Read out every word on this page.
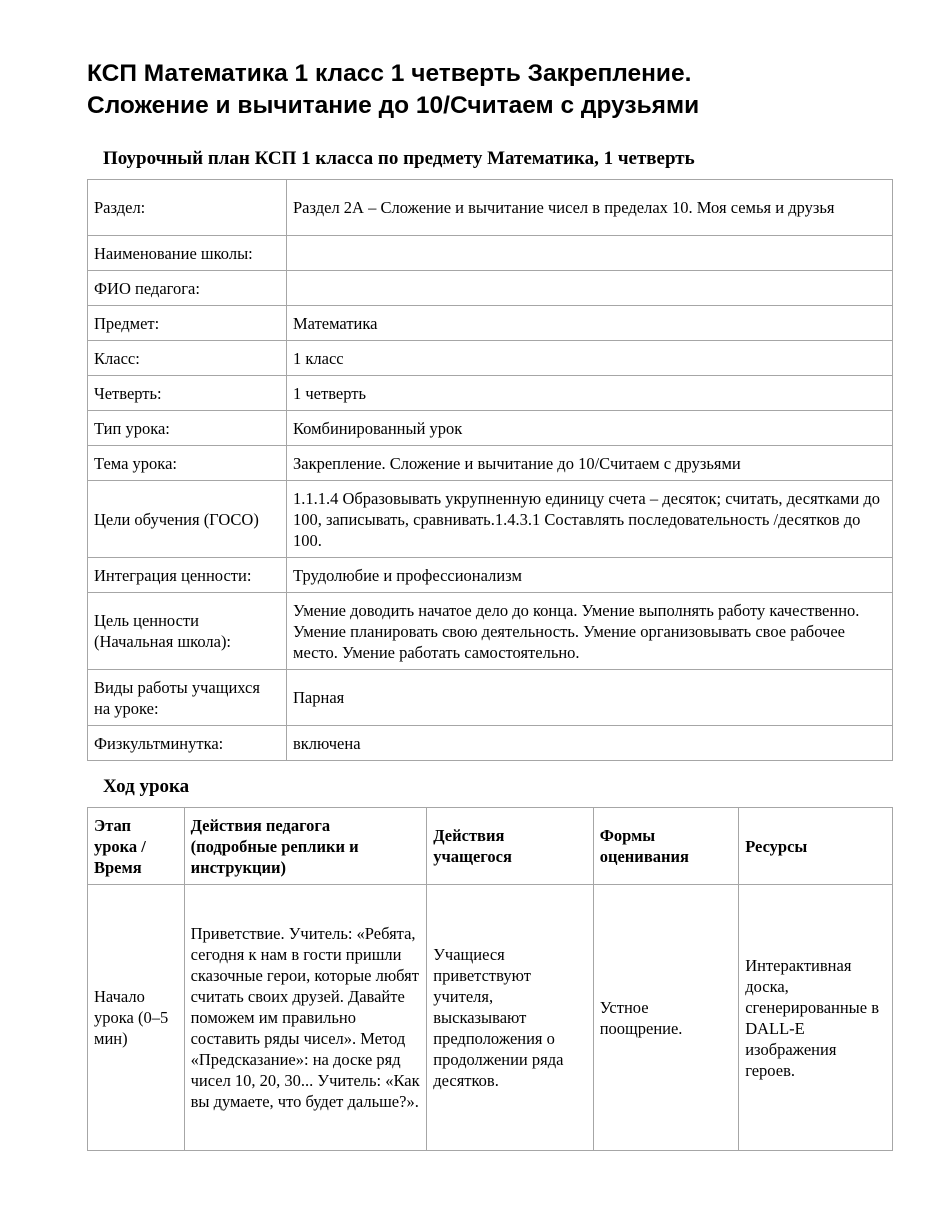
КСП Математика 1 класс 1 четверть Закрепление.
Сложение и вычитание до 10/Считаем с друзьями
Поурочный план КСП 1 класса по предмету Математика, 1 четверть
Раздел:	Раздел 2А – Сложение и вычитание чисел в пределах 10. Моя семья и друзья
Наименование школы:	
ФИО педагога:	
Предмет:	Математика
Класс:	1 класс
Четверть:	1 четверть
Тип урока:	Комбинированный урок
Тема урока:	Закрепление. Сложение и вычитание до 10/Считаем с друзьями
Цели обучения (ГОСО)	1.1.1.4 Образовывать укрупненную единицу счета – десяток; считать, десятками до 100, записывать, сравнивать.1.4.3.1 Составлять последовательность /десятков до 100.
Интеграция ценности:	Трудолюбие и профессионализм
Цель ценности (Начальная школа):	Умение доводить начатое дело до конца. Умение выполнять работу качественно. Умение планировать свою деятельность. Умение организовывать свое рабочее место. Умение работать самостоятельно.
Виды работы учащихся на уроке:	Парная
Физкультминутка:	включена
Ход урока
Этап урока / Время	Действия педагога (подробные реплики и инструкции)	Действия учащегося	Формы оценивания	Ресурсы
Начало урока (0–5 мин)	Приветствие. Учитель: «Ребята, сегодня к нам в гости пришли сказочные герои, которые любят считать своих друзей. Давайте поможем им правильно составить ряды чисел». Метод «Предсказание»: на доске ряд чисел 10, 20, 30... Учитель: «Как вы думаете, что будет дальше?».	Учащиеся приветствуют учителя, высказывают предположения о продолжении ряда десятков.	Устное поощрение.	Интерактивная доска, сгенерированные в DALL-E изображения героев.
